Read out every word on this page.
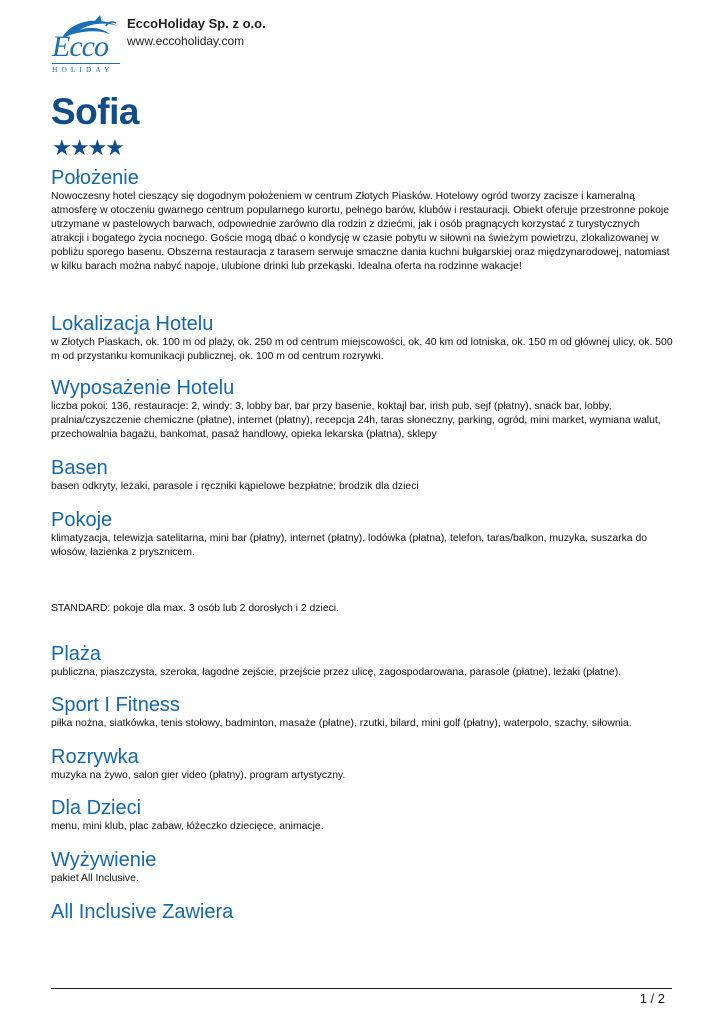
Ecco
HOLIDAY
EccoHoliday Sp. z o.o.
www.eccoholiday.com
Sofia
★★★★
Położenie

Nowoczesny hotel cieszący się dogodnym położeniem w centrum Złotych Piasków. Hotelowy ogród tworzy zacisze i kameralną atmosferę w otoczeniu gwarnego centrum popularnego kurortu, pełnego barów, klubów i restauracji. Obiekt oferuje przestronne pokoje utrzymane w pastelowych barwach, odpowiednie zarówno dla rodzin z dziećmi, jak i osób pragnących korzystać z turystycznych atrakcji i bogatego życia nocnego. Goście mogą dbać o kondycję w czasie pobytu w siłowni na świeżym powietrzu, zlokalizowanej w pobliżu sporego basenu. Obszerna restauracja z tarasem serwuje smaczne dania kuchni bułgarskiej oraz międzynarodowej, natomiast w kilku barach można nabyć napoje, ulubione drinki lub przekąski. Idealna oferta na rodzinne wakacje!

Lokalizacja Hotelu

w Złotych Piaskach, ok. 100 m od plaży, ok. 250 m od centrum miejscowości, ok. 40 km od lotniska, ok. 150 m od głównej ulicy, ok. 500 m od przystanku komunikacji publicznej, ok. 100 m od centrum rozrywki.

Wyposażenie Hotelu

liczba pokoi: 136, restauracje: 2, windy: 3, lobby bar, bar przy basenie, koktajl bar, irish pub, sejf (płatny), snack bar, lobby, pralnia/czyszczenie chemiczne (płatne), internet (płatny), recepcja 24h, taras słoneczny, parking, ogród, mini market, wymiana walut, przechowalnia bagażu, bankomat, pasaż handlowy, opieka lekarska (płatna), sklepy

Basen

basen odkryty, leżaki, parasole i ręczniki kąpielowe bezpłatne; brodzik dla dzieci

Pokoje

klimatyzacja, telewizja satelitarna, mini bar (płatny), internet (płatny), lodówka (płatna), telefon, taras/balkon, muzyka, suszarka do włosów, łazienka z prysznicem.

STANDARD: pokoje dla max. 3 osób lub 2 dorosłych i 2 dzieci.

Plaża

publiczna, piaszczysta, szeroka, łagodne zejście, przejście przez ulicę, zagospodarowana, parasole (płatne), leżaki (płatne).

Sport I Fitness

piłka nożna, siatkówka, tenis stołowy, badminton, masaże (płatne), rzutki, bilard, mini golf (płatny), waterpolo, szachy, siłownia.

Rozrywka

muzyka na żywo, salon gier video (płatny), program artystyczny.

Dla Dzieci

menu, mini klub, plac zabaw, łóżeczko dziecięce, animacje.

Wyżywienie

pakiet All Inclusive.

All Inclusive Zawiera
1 / 2
